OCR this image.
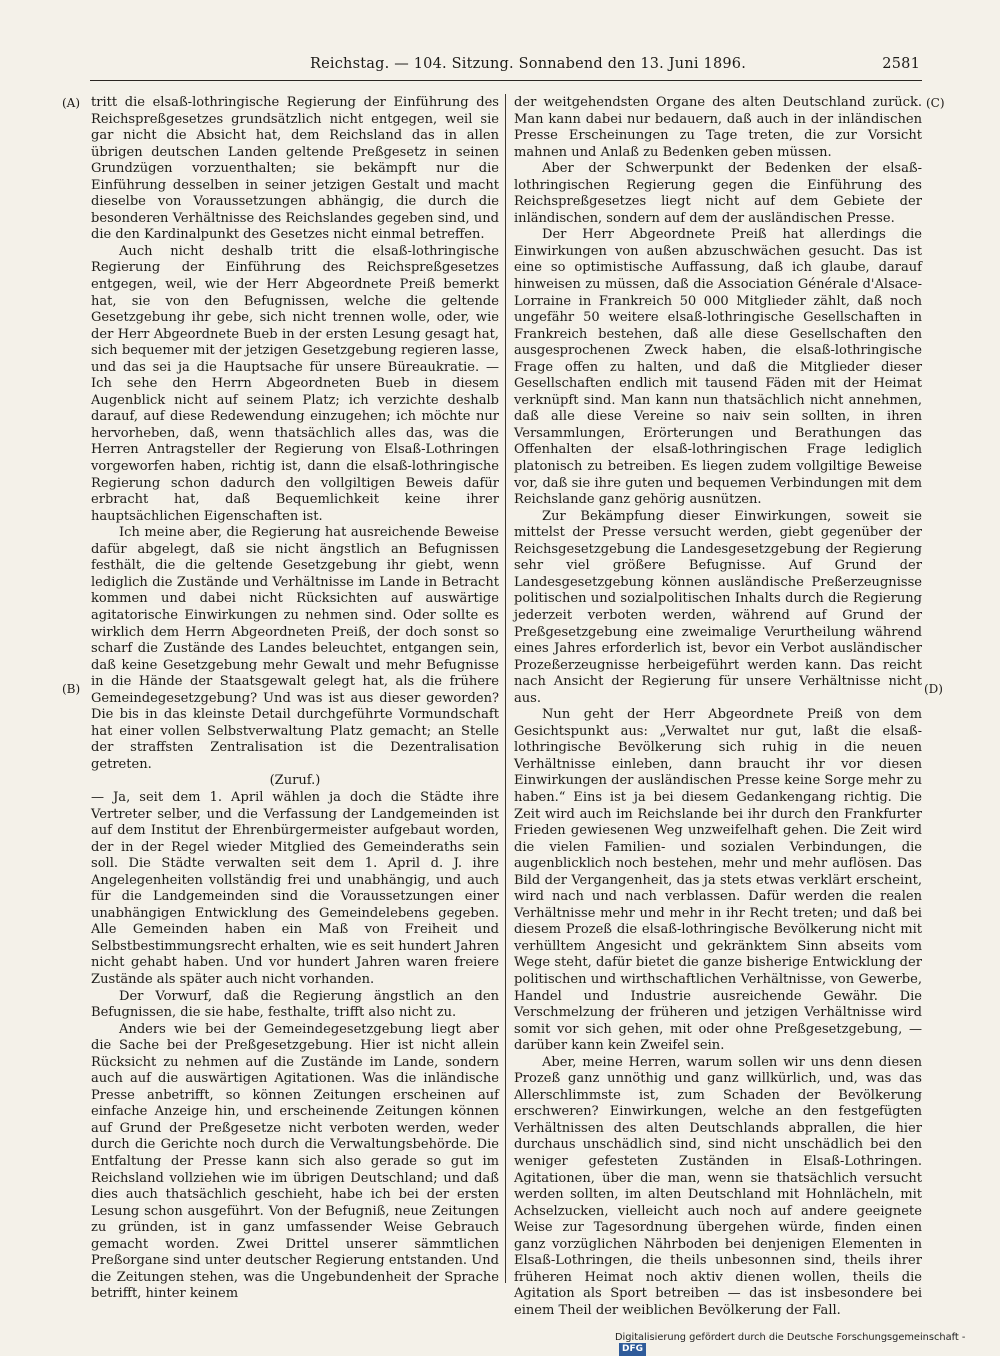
Reichstag. — 104. Sitzung. Sonnabend den 13. Juni 1896.	2581
(A)
(B)
(C)
(D)

tritt die elsaß-lothringische Regierung der Einführung des Reichspreßgesetzes grundsätzlich nicht entgegen, weil sie gar nicht die Absicht hat, dem Reichsland das in allen übrigen deutschen Landen geltende Preßgesetz in seinen Grundzügen vorzuenthalten; sie bekämpft nur die Einführung desselben in seiner jetzigen Gestalt und macht dieselbe von Voraussetzungen abhängig, die durch die besonderen Verhältnisse des Reichslandes gegeben sind, und die den Kardinalpunkt des Gesetzes nicht einmal betreffen.

Auch nicht deshalb tritt die elsaß-lothringische Regierung der Einführung des Reichspreßgesetzes entgegen, weil, wie der Herr Abgeordnete Preiß bemerkt hat, sie von den Befugnissen, welche die geltende Gesetzgebung ihr gebe, sich nicht trennen wolle, oder, wie der Herr Abgeordnete Bueb in der ersten Lesung gesagt hat, sich bequemer mit der jetzigen Gesetzgebung regieren lasse, und das sei ja die Hauptsache für unsere Büreaukratie. — Ich sehe den Herrn Abgeordneten Bueb in diesem Augenblick nicht auf seinem Platz; ich verzichte deshalb darauf, auf diese Redewendung einzugehen; ich möchte nur hervorheben, daß, wenn thatsächlich alles das, was die Herren Antragsteller der Regierung von Elsaß-Lothringen vorgeworfen haben, richtig ist, dann die elsaß-lothringische Regierung schon dadurch den vollgiltigen Beweis dafür erbracht hat, daß Bequemlichkeit keine ihrer hauptsächlichen Eigenschaften ist.

Ich meine aber, die Regierung hat ausreichende Beweise dafür abgelegt, daß sie nicht ängstlich an Befugnissen festhält, die die geltende Gesetzgebung ihr giebt, wenn lediglich die Zustände und Verhältnisse im Lande in Betracht kommen und dabei nicht Rücksichten auf auswärtige agitatorische Einwirkungen zu nehmen sind. Oder sollte es wirklich dem Herrn Abgeordneten Preiß, der doch sonst so scharf die Zustände des Landes beleuchtet, entgangen sein, daß keine Gesetzgebung mehr Gewalt und mehr Befugnisse in die Hände der Staatsgewalt gelegt hat, als die frühere Gemeindegesetzgebung? Und was ist aus dieser geworden? Die bis in das kleinste Detail durchgeführte Vormundschaft hat einer vollen Selbstverwaltung Platz gemacht; an Stelle der straffsten Zentralisation ist die Dezentralisation getreten.

(Zuruf.)

— Ja, seit dem 1. April wählen ja doch die Städte ihre Vertreter selber, und die Verfassung der Landgemeinden ist auf dem Institut der Ehrenbürgermeister aufgebaut worden, der in der Regel wieder Mitglied des Gemeinderaths sein soll. Die Städte verwalten seit dem 1. April d. J. ihre Angelegenheiten vollständig frei und unabhängig, und auch für die Landgemeinden sind die Voraussetzungen einer unabhängigen Entwicklung des Gemeindelebens gegeben. Alle Gemeinden haben ein Maß von Freiheit und Selbstbestimmungsrecht erhalten, wie es seit hundert Jahren nicht gehabt haben. Und vor hundert Jahren waren freiere Zustände als später auch nicht vorhanden.

Der Vorwurf, daß die Regierung ängstlich an den Befugnissen, die sie habe, festhalte, trifft also nicht zu.

Anders wie bei der Gemeindegesetzgebung liegt aber die Sache bei der Preßgesetzgebung. Hier ist nicht allein Rücksicht zu nehmen auf die Zustände im Lande, sondern auch auf die auswärtigen Agitationen. Was die inländische Presse anbetrifft, so können Zeitungen erscheinen auf einfache Anzeige hin, und erscheinende Zeitungen können auf Grund der Preßgesetze nicht verboten werden, weder durch die Gerichte noch durch die Verwaltungsbehörde. Die Entfaltung der Presse kann sich also gerade so gut im Reichsland vollziehen wie im übrigen Deutschland; und daß dies auch thatsächlich geschieht, habe ich bei der ersten Lesung schon ausgeführt. Von der Befugniß, neue Zeitungen zu gründen, ist in ganz umfassender Weise Gebrauch gemacht worden. Zwei Drittel unserer sämmtlichen Preßorgane sind unter deutscher Regierung entstanden. Und die Zeitungen stehen, was die Ungebundenheit der Sprache betrifft, hinter keinem

der weitgehendsten Organe des alten Deutschland zurück. Man kann dabei nur bedauern, daß auch in der inländischen Presse Erscheinungen zu Tage treten, die zur Vorsicht mahnen und Anlaß zu Bedenken geben müssen.

Aber der Schwerpunkt der Bedenken der elsaß-lothringischen Regierung gegen die Einführung des Reichspreßgesetzes liegt nicht auf dem Gebiete der inländischen, sondern auf dem der ausländischen Presse.

Der Herr Abgeordnete Preiß hat allerdings die Einwirkungen von außen abzuschwächen gesucht. Das ist eine so optimistische Auffassung, daß ich glaube, darauf hinweisen zu müssen, daß die Association Générale d'Alsace-Lorraine in Frankreich 50 000 Mitglieder zählt, daß noch ungefähr 50 weitere elsaß-lothringische Gesellschaften in Frankreich bestehen, daß alle diese Gesellschaften den ausgesprochenen Zweck haben, die elsaß-lothringische Frage offen zu halten, und daß die Mitglieder dieser Gesellschaften endlich mit tausend Fäden mit der Heimat verknüpft sind. Man kann nun thatsächlich nicht annehmen, daß alle diese Vereine so naiv sein sollten, in ihren Versammlungen, Erörterungen und Berathungen das Offenhalten der elsaß-lothringischen Frage lediglich platonisch zu betreiben. Es liegen zudem vollgiltige Beweise vor, daß sie ihre guten und bequemen Verbindungen mit dem Reichslande ganz gehörig ausnützen.

Zur Bekämpfung dieser Einwirkungen, soweit sie mittelst der Presse versucht werden, giebt gegenüber der Reichsgesetzgebung die Landesgesetzgebung der Regierung sehr viel größere Befugnisse. Auf Grund der Landesgesetzgebung können ausländische Preßerzeugnisse politischen und sozialpolitischen Inhalts durch die Regierung jederzeit verboten werden, während auf Grund der Preßgesetzgebung eine zweimalige Verurtheilung während eines Jahres erforderlich ist, bevor ein Verbot ausländischer Prozeßerzeugnisse herbeigeführt werden kann. Das reicht nach Ansicht der Regierung für unsere Verhältnisse nicht aus.

Nun geht der Herr Abgeordnete Preiß von dem Gesichtspunkt aus: „Verwaltet nur gut, laßt die elsaß-lothringische Bevölkerung sich ruhig in die neuen Verhältnisse einleben, dann braucht ihr vor diesen Einwirkungen der ausländischen Presse keine Sorge mehr zu haben.“ Eins ist ja bei diesem Gedankengang richtig. Die Zeit wird auch im Reichslande bei ihr durch den Frankfurter Frieden gewiesenen Weg unzweifelhaft gehen. Die Zeit wird die vielen Familien- und sozialen Verbindungen, die augenblicklich noch bestehen, mehr und mehr auflösen. Das Bild der Vergangenheit, das ja stets etwas verklärt erscheint, wird nach und nach verblassen. Dafür werden die realen Verhältnisse mehr und mehr in ihr Recht treten; und daß bei diesem Prozeß die elsaß-lothringische Bevölkerung nicht mit verhülltem Angesicht und gekränktem Sinn abseits vom Wege steht, dafür bietet die ganze bisherige Entwicklung der politischen und wirthschaftlichen Verhältnisse, von Gewerbe, Handel und Industrie ausreichende Gewähr. Die Verschmelzung der früheren und jetzigen Verhältnisse wird somit vor sich gehen, mit oder ohne Preßgesetzgebung, — darüber kann kein Zweifel sein.

Aber, meine Herren, warum sollen wir uns denn diesen Prozeß ganz unnöthig und ganz willkürlich, und, was das Allerschlimmste ist, zum Schaden der Bevölkerung erschweren? Einwirkungen, welche an den festgefügten Verhältnissen des alten Deutschlands abprallen, die hier durchaus unschädlich sind, sind nicht unschädlich bei den weniger gefesteten Zuständen in Elsaß-Lothringen. Agitationen, über die man, wenn sie thatsächlich versucht werden sollten, im alten Deutschland mit Hohnlächeln, mit Achselzucken, vielleicht auch noch auf andere geeignete Weise zur Tagesordnung übergehen würde, finden einen ganz vorzüglichen Nährboden bei denjenigen Elementen in Elsaß-Lothringen, die theils unbesonnen sind, theils ihrer früheren Heimat noch aktiv dienen wollen, theils die Agitation als Sport betreiben — das ist insbesondere bei einem Theil der weiblichen Bevölkerung der Fall.

Digitalisierung gefördert durch die Deutsche Forschungsgemeinschaft -DFG
